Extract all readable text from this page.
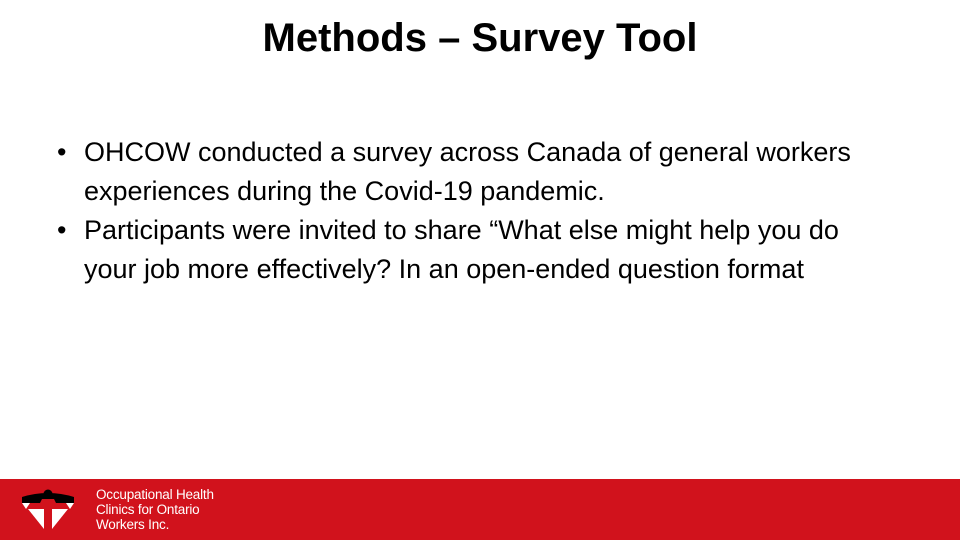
Methods – Survey Tool
• OHCOW conducted a survey across Canada of general workers experiences during the Covid-19 pandemic.
• Participants were invited to share “What else might help you do your job more effectively? In an open-ended question format
Occupational Health
Clinics for Ontario
Workers Inc.
